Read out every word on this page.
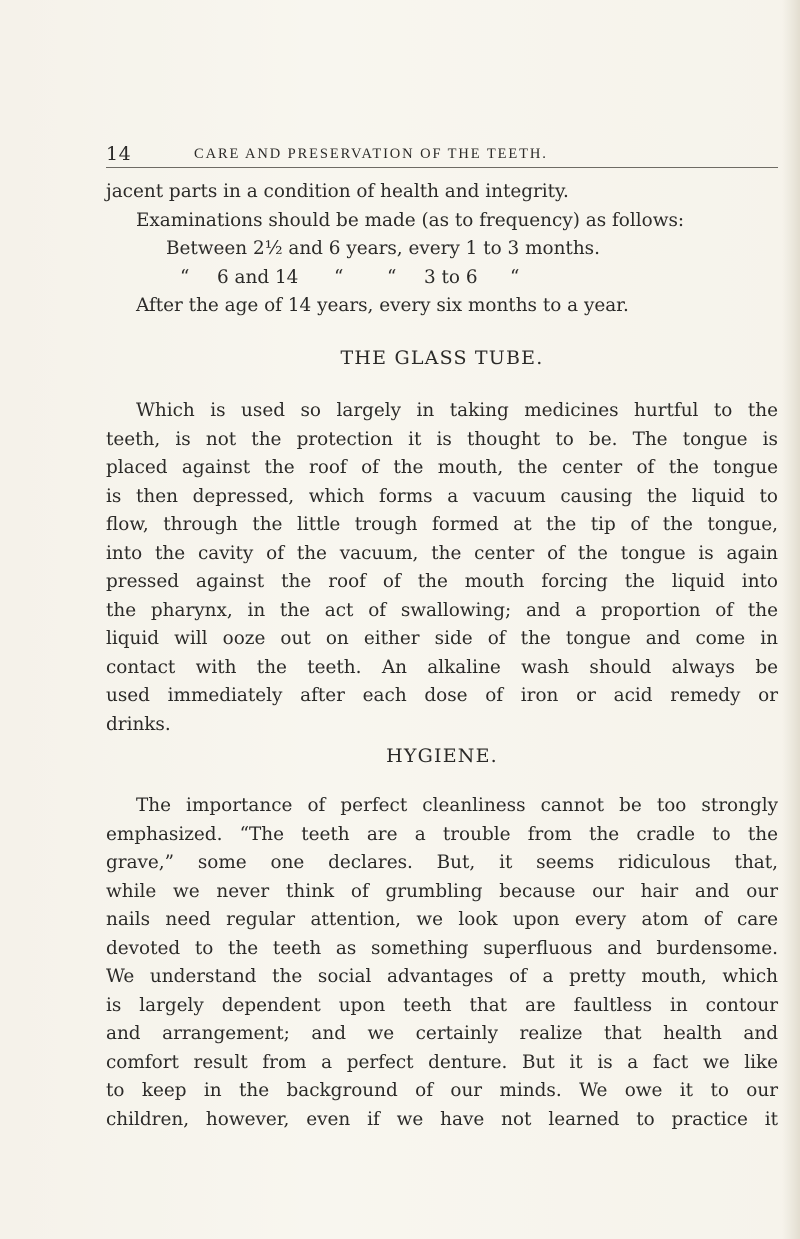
14	CARE AND PRESERVATION OF THE TEETH.
jacent parts in a condition of health and integrity.
Examinations should be made (as to frequency) as follows:
Between 2½ and 6 years, every 1 to 3 months.
“ 6 and 14 “ “ 3 to 6 “
After the age of 14 years, every six months to a year.
THE GLASS TUBE.
Which is used so largely in taking medicines hurtful to the
teeth, is not the protection it is thought to be. The tongue is
placed against the roof of the mouth, the center of the tongue
is then depressed, which forms a vacuum causing the liquid to
flow, through the little trough formed at the tip of the tongue,
into the cavity of the vacuum, the center of the tongue is again
pressed against the roof of the mouth forcing the liquid into
the pharynx, in the act of swallowing; and a proportion of the
liquid will ooze out on either side of the tongue and come in
contact with the teeth. An alkaline wash should always be
used immediately after each dose of iron or acid remedy or
drinks.
HYGIENE.
The importance of perfect cleanliness cannot be too strongly
emphasized. “The teeth are a trouble from the cradle to the
grave,” some one declares. But, it seems ridiculous that,
while we never think of grumbling because our hair and our
nails need regular attention, we look upon every atom of care
devoted to the teeth as something superfluous and burdensome.
We understand the social advantages of a pretty mouth, which
is largely dependent upon teeth that are faultless in contour
and arrangement; and we certainly realize that health and
comfort result from a perfect denture. But it is a fact we like
to keep in the background of our minds. We owe it to our
children, however, even if we have not learned to practice it
